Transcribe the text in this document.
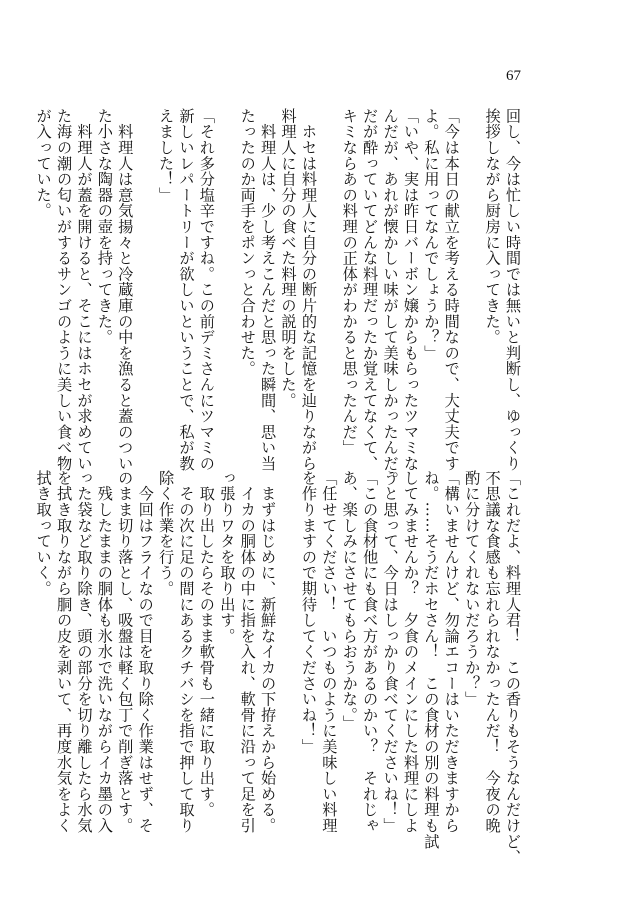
67
回し、今は忙しい時間では無いと判断し、ゆっくり
挨拶しながら厨房に入ってきた。

「今は本日の献立を考える時間なので、大丈夫です
よ。私に用ってなんでしょうか？」
「いや、実は昨日バーボン嬢からもらったツマミな
んだが、あれが懐かしい味がして美味しかったんだ。
だが酔っていてどんな料理だったか覚えてなくて、
キミならあの料理の正体がわかると思ったんだ」

　ホセは料理人に自分の断片的な記憶を辿りながら
料理人に自分の食べた料理の説明をした。
　料理人は、少し考えこんだと思った瞬間、思い当
たったのか両手をポンっと合わせた。

「それ多分塩辛ですね。この前デミさんにツマミの
新しいレパートリーが欲しいということで、私が教
えました！」

　料理人は意気揚々と冷蔵庫の中を漁ると蓋のつい
た小さな陶器の壺を持ってきた。
　料理人が蓋を開けると、そこにはホセが求めてい
た海の潮の匂いがするサンゴのように美しい食べ物
が入っていた。
「これだよ、料理人君！　この香りもそうなんだけど、
不思議な食感も忘れられなかったんだ！　今夜の晩
酌に分けてくれないだろうか？」
「構いませんけど、勿論エコーはいただきますから
ね。……そうだホセさん！　この食材の別の料理も試
してみませんか？　夕食のメインにした料理にしよ
うと思って、今日はしっかり食べてくださいね！」
「この食材他にも食べ方があるのかい？　それじゃ
あ、楽しみにさせてもらおうかな。」
「任せてください！　いつものように美味しい料理
を作りますので期待してくださいね！」

　まずはじめに、新鮮なイカの下拵えから始める。
　イカの胴体の中に指を入れ、軟骨に沿って足を引
っ張りワタを取り出す。
　取り出したらそのまま軟骨も一緒に取り出す。
　その次に足の間にあるクチバシを指で押して取り
除く作業を行う。
　今回はフライなので目を取り除く作業はせず、そ
のまま切り落とし、吸盤は軽く包丁で削ぎ落とす。
　残したままの胴体も氷水で洗いながらイカ墨の入
った袋など取り除き、頭の部分を切り離したら水気
を拭き取りながら胴の皮を剥いて、再度水気をよく
拭き取っていく。
